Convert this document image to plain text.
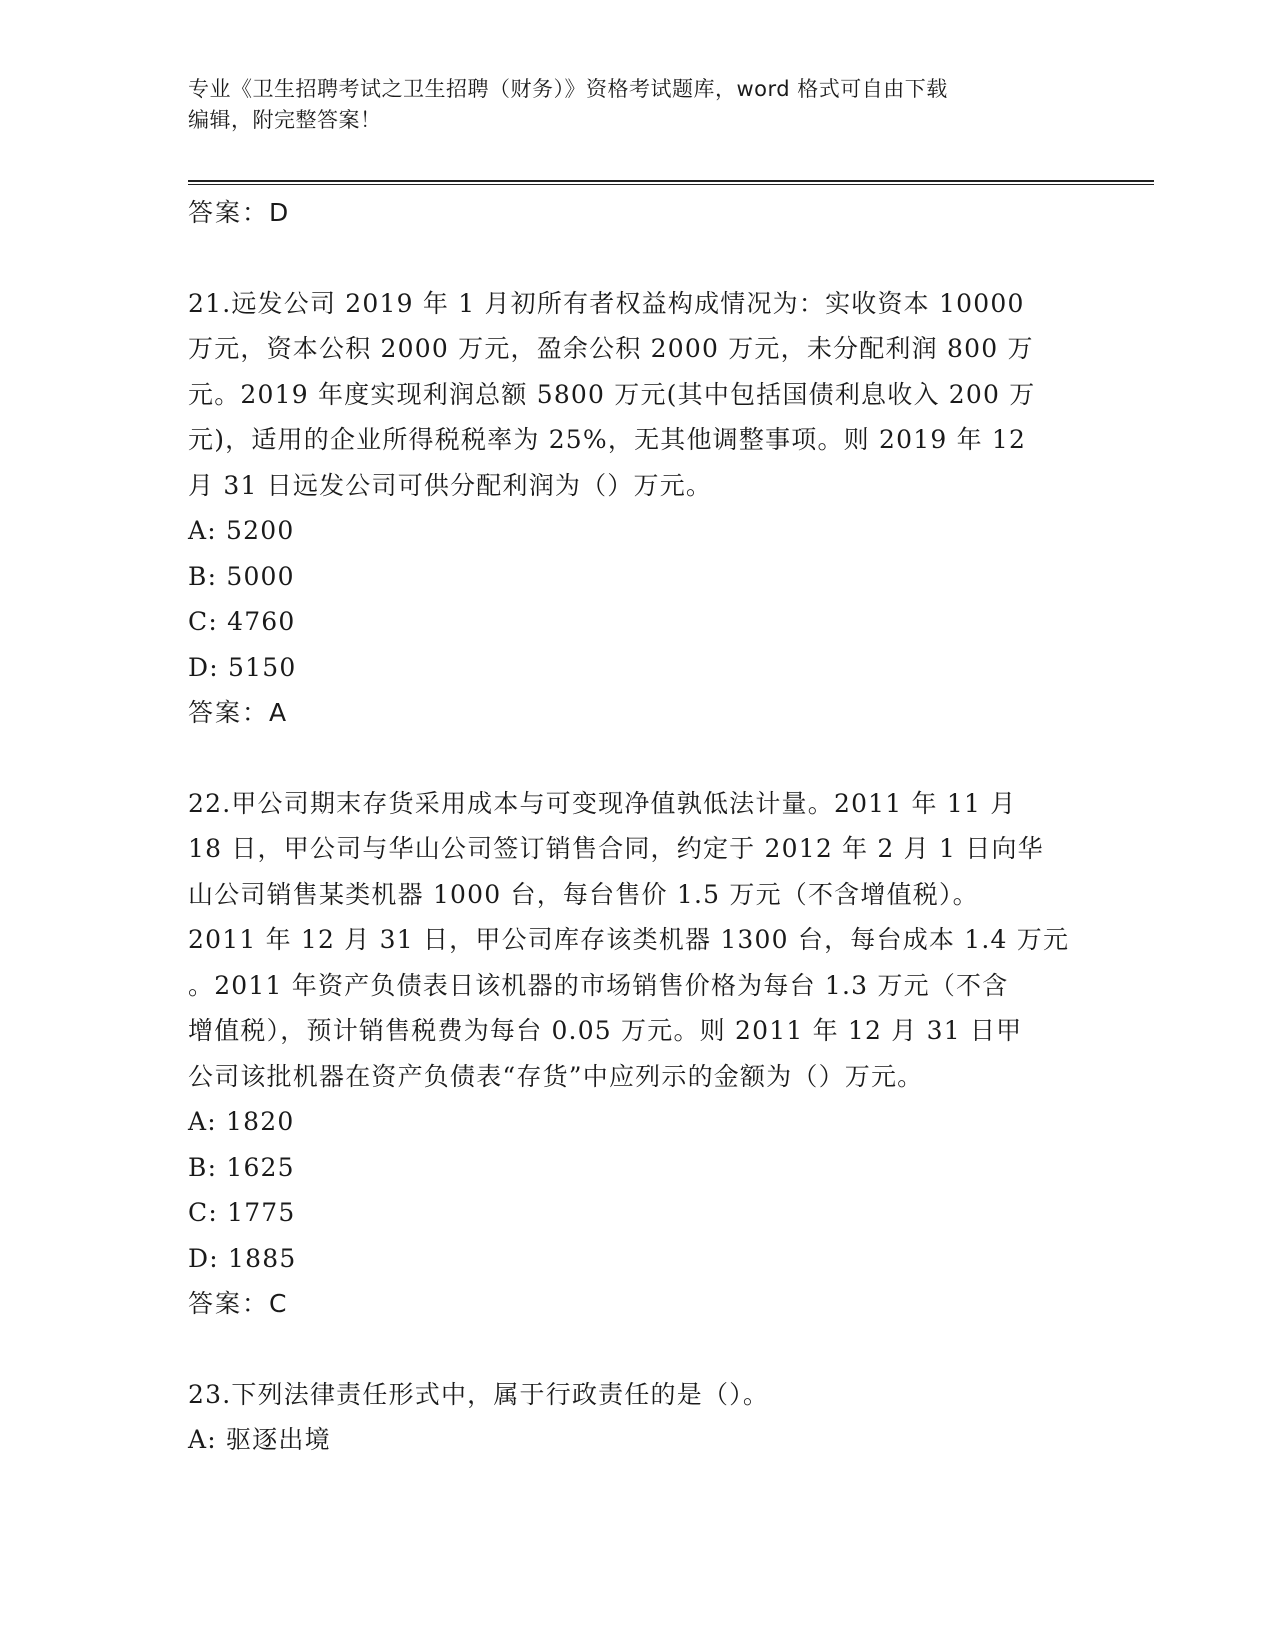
专业《卫生招聘考试之卫生招聘（财务）》资格考试题库，word 格式可自由下载
编辑，附完整答案！
答案：D
21.远发公司 2019 年 1 月初所有者权益构成情况为：实收资本 10000
万元，资本公积 2000 万元，盈余公积 2000 万元，未分配利润 800 万
元。2019 年度实现利润总额 5800 万元(其中包括国债利息收入 200 万
元)，适用的企业所得税税率为 25%，无其他调整事项。则 2019 年 12
月 31 日远发公司可供分配利润为（）万元。
A: 5200
B: 5000
C: 4760
D: 5150
答案：A
22.甲公司期末存货采用成本与可变现净值孰低法计量。2011 年 11 月
18 日，甲公司与华山公司签订销售合同，约定于 2012 年 2 月 1 日向华
山公司销售某类机器 1000 台，每台售价 1.5 万元（不含增值税）。
2011 年 12 月 31 日，甲公司库存该类机器 1300 台，每台成本 1.4 万元
。2011 年资产负债表日该机器的市场销售价格为每台 1.3 万元（不含
增值税），预计销售税费为每台 0.05 万元。则 2011 年 12 月 31 日甲
公司该批机器在资产负债表“存货”中应列示的金额为（）万元。
A: 1820
B: 1625
C: 1775
D: 1885
答案：C
23.下列法律责任形式中，属于行政责任的是（）。
A: 驱逐出境
